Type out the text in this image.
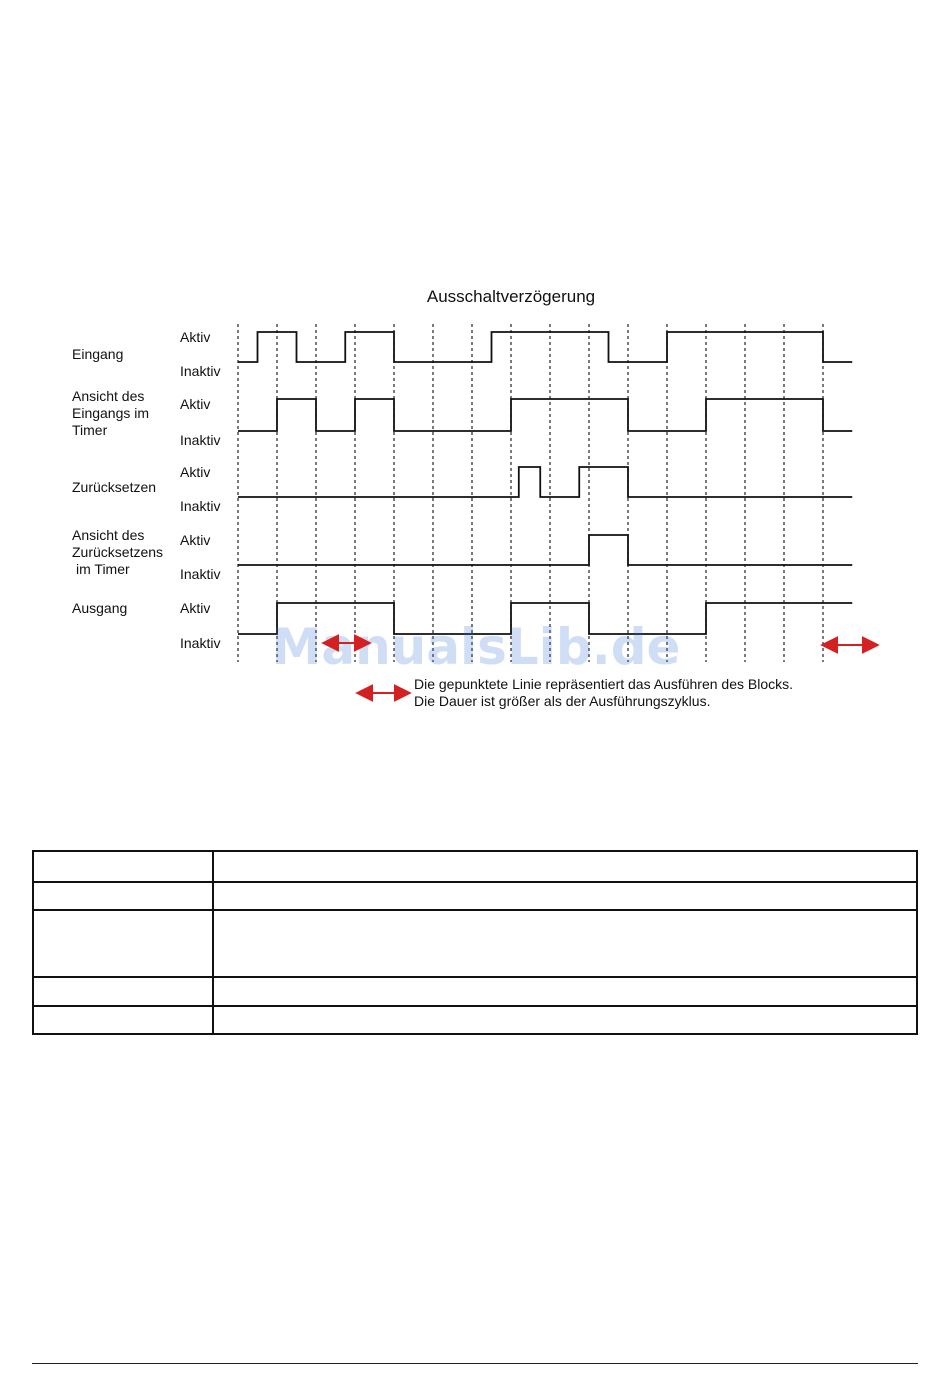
Ausschaltverzögerung
ManualsLib.de
Die gepunktete Linie repräsentiert das Ausführen des Blocks.
Die Dauer ist größer als der Ausführungszyklus.
Eingang
Aktiv
Inaktiv
Ansicht des
Eingangs im
Timer
Aktiv
Inaktiv
Zurücksetzen
Aktiv
Inaktiv
Ansicht des
Zurücksetzens
im Timer
Aktiv
Inaktiv
Ausgang	Aktiv
Inaktiv
